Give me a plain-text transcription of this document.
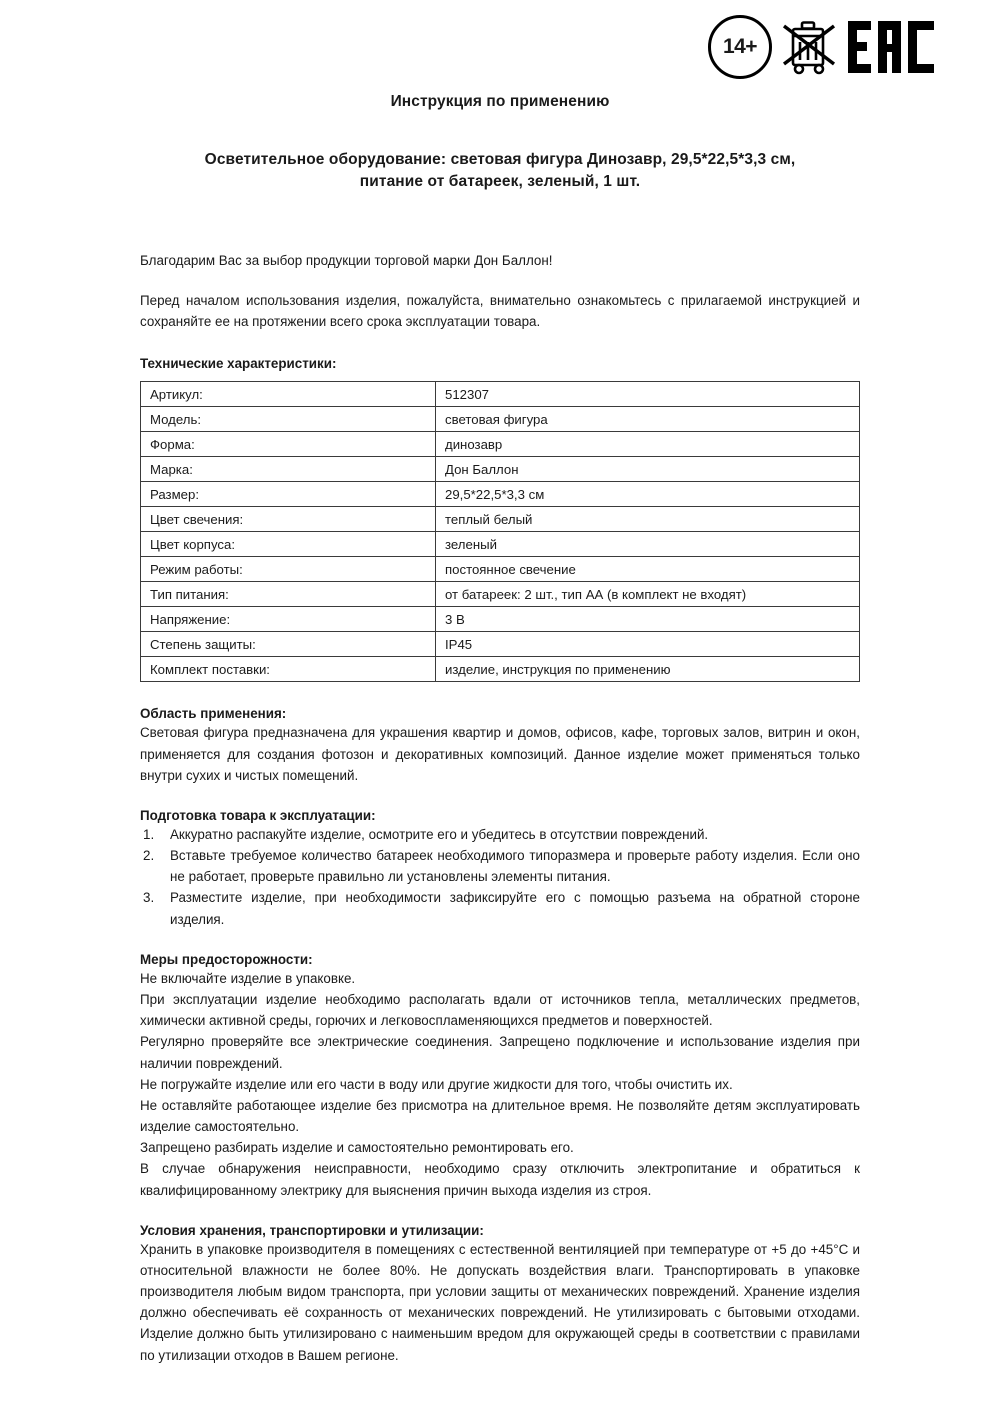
14+
Инструкция по применению
Осветительное оборудование: световая фигура Динозавр, 29,5*22,5*3,3 см,
питание от батареек, зеленый, 1 шт.

Благодарим Вас за выбор продукции торговой марки Дон Баллон!

Перед началом использования изделия, пожалуйста, внимательно ознакомьтесь с прилагаемой инструкцией и сохраняйте ее на протяжении всего срока эксплуатации товара.

Технические характеристики:
Артикул:	512307
Модель:	световая фигура
Форма:	динозавр
Марка:	Дон Баллон
Размер:	29,5*22,5*3,3 см
Цвет свечения:	теплый белый
Цвет корпуса:	зеленый
Режим работы:	постоянное свечение
Тип питания:	от батареек: 2 шт., тип АА (в комплект не входят)
Напряжение:	3 В
Степень защиты:	IP45
Комплект поставки:	изделие, инструкция по применению
Область применения:
Световая фигура предназначена для украшения квартир и домов, офисов, кафе, торговых залов, витрин и окон, применяется для создания фотозон и декоративных композиций. Данное изделие может применяться только внутри сухих и чистых помещений.
Подготовка товара к эксплуатации:
Аккуратно распакуйте изделие, осмотрите его и убедитесь в отсутствии повреждений.
Вставьте требуемое количество батареек необходимого типоразмера и проверьте работу изделия. Если оно не работает, проверьте правильно ли установлены элементы питания.
Разместите изделие, при необходимости зафиксируйте его с помощью разъема на обратной стороне изделия.
Меры предосторожности:
Не включайте изделие в упаковке.
При эксплуатации изделие необходимо располагать вдали от источников тепла, металлических предметов, химически активной среды, горючих и легковоспламеняющихся предметов и поверхностей.
Регулярно проверяйте все электрические соединения. Запрещено подключение и использование изделия при наличии повреждений.
Не погружайте изделие или его части в воду или другие жидкости для того, чтобы очистить их.
Не оставляйте работающее изделие без присмотра на длительное время. Не позволяйте детям эксплуатировать изделие самостоятельно.
Запрещено разбирать изделие и самостоятельно ремонтировать его.
В случае обнаружения неисправности, необходимо сразу отключить электропитание и обратиться к квалифицированному электрику для выяснения причин выхода изделия из строя.
Условия хранения, транспортировки и утилизации:
Хранить в упаковке производителя в помещениях с естественной вентиляцией при температуре от +5 до +45°С и относительной влажности не более 80%. Не допускать воздействия влаги. Транспортировать в упаковке производителя любым видом транспорта, при условии защиты от механических повреждений. Хранение изделия должно обеспечивать её сохранность от механических повреждений. Не утилизировать с бытовыми отходами. Изделие должно быть утилизировано с наименьшим вредом для окружающей среды в соответствии с правилами по утилизации отходов в Вашем регионе.
